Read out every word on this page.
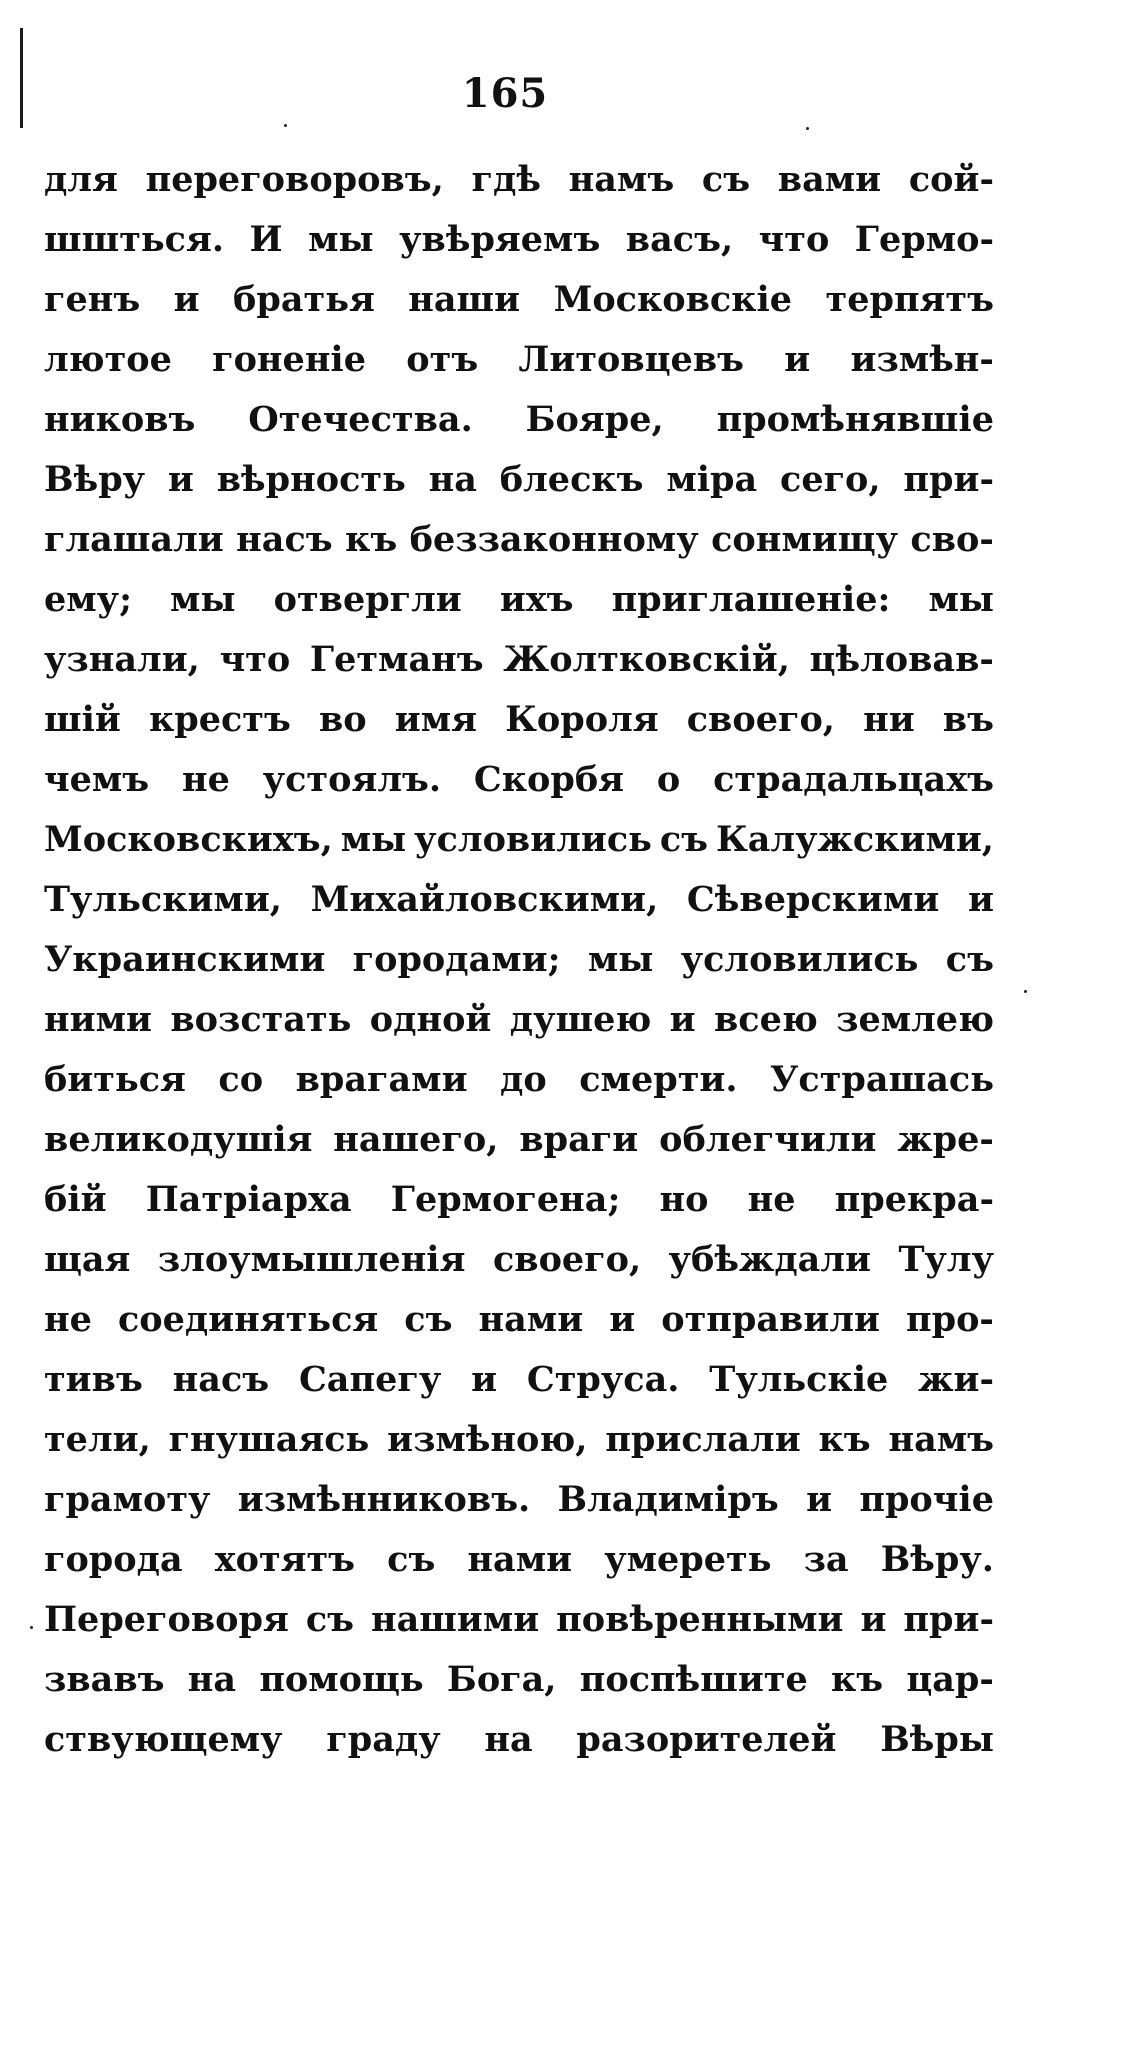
165
для переговоровъ, гдѣ намъ съ вами сой-
шшться. И мы увѣряемъ васъ, что Гермо-
генъ и братья наши Московскіе терпятъ
лютое гоненіе отъ Литовцевъ и измѣн-
никовъ Отечества. Бояре, промѣнявшіе
Вѣру и вѣрность на блескъ міра сего, при-
глашали насъ къ беззаконному сонмищу сво-
ему; мы отвергли ихъ приглашеніе: мы
узнали, что Гетманъ Жолтковскій, цѣловав-
шій крестъ во имя Короля своего, ни въ
чемъ не устоялъ. Скорбя о страдальцахъ
Московскихъ, мы условились съ Калужскими,
Тульскими, Михайловскими, Сѣверскими и
Украинскими городами; мы условились съ
ними возстать одной душею и всею землею
биться со врагами до смерти. Устрашась
великодушія нашего, враги облегчили жре-
бій Патріарха Гермогена; но не прекра-
щая злоумышленія своего, убѣждали Тулу
не соединяться съ нами и отправили про-
тивъ насъ Сапегу и Струса. Тульскіе жи-
тели, гнушаясь измѣною, прислали къ намъ
грамоту измѣнниковъ. Владиміръ и прочіе
города хотятъ съ нами умереть за Вѣру.
Переговоря съ нашими повѣренными и при-
звавъ на помощь Бога, поспѣшите къ цар-
ствующему граду на разорителей Вѣры
